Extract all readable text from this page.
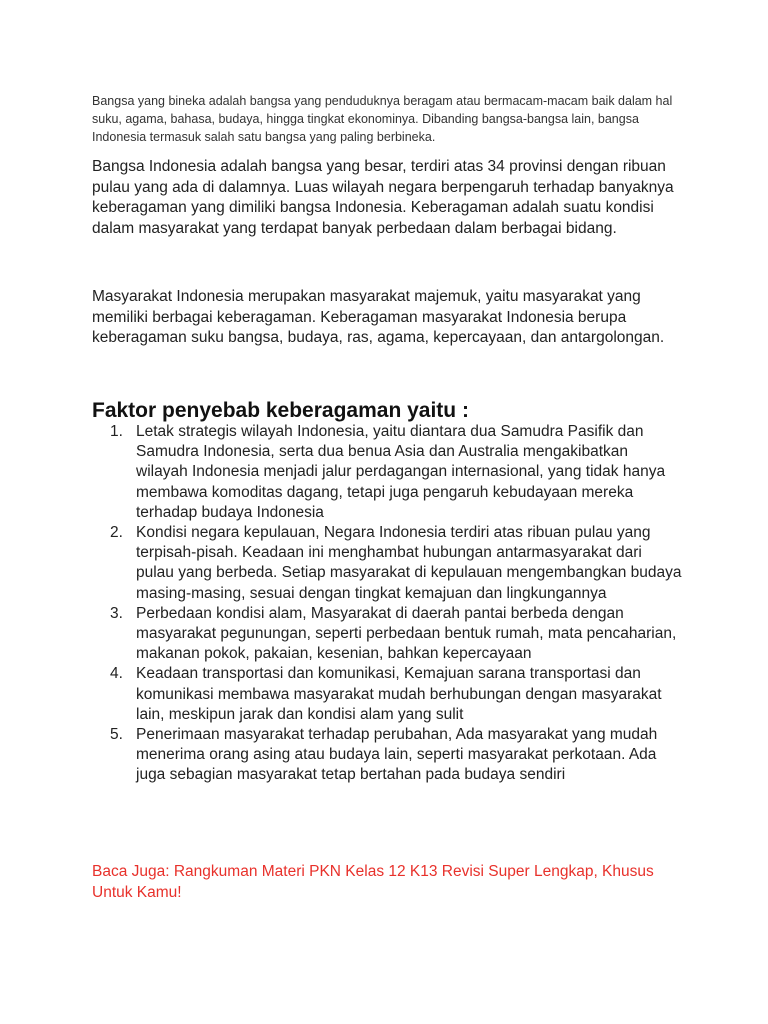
Bangsa yang bineka adalah bangsa yang penduduknya beragam atau bermacam-macam baik dalam hal suku, agama, bahasa, budaya, hingga tingkat ekonominya. Dibanding bangsa-bangsa lain, bangsa Indonesia termasuk salah satu bangsa yang paling berbineka.

Bangsa Indonesia adalah bangsa yang besar, terdiri atas 34 provinsi dengan ribuan pulau yang ada di dalamnya. Luas wilayah negara berpengaruh terhadap banyaknya keberagaman yang dimiliki bangsa Indonesia. Keberagaman adalah suatu kondisi dalam masyarakat yang terdapat banyak perbedaan dalam berbagai bidang.

Masyarakat Indonesia merupakan masyarakat majemuk, yaitu masyarakat yang memiliki berbagai keberagaman. Keberagaman masyarakat Indonesia berupa keberagaman suku bangsa, budaya, ras, agama, kepercayaan, dan antargolongan.

Faktor penyebab keberagaman yaitu :
1. Letak strategis wilayah Indonesia, yaitu diantara dua Samudra Pasifik dan Samudra Indonesia, serta dua benua Asia dan Australia mengakibatkan wilayah Indonesia menjadi jalur perdagangan internasional, yang tidak hanya membawa komoditas dagang, tetapi juga pengaruh kebudayaan mereka terhadap budaya Indonesia
2. Kondisi negara kepulauan, Negara Indonesia terdiri atas ribuan pulau yang terpisah-pisah. Keadaan ini menghambat hubungan antarmasyarakat dari pulau yang berbeda. Setiap masyarakat di kepulauan mengembangkan budaya masing-masing, sesuai dengan tingkat kemajuan dan lingkungannya
3. Perbedaan kondisi alam, Masyarakat di daerah pantai berbeda dengan masyarakat pegunungan, seperti perbedaan bentuk rumah, mata pencaharian, makanan pokok, pakaian, kesenian, bahkan kepercayaan
4. Keadaan transportasi dan komunikasi, Kemajuan sarana transportasi dan komunikasi membawa masyarakat mudah berhubungan dengan masyarakat lain, meskipun jarak dan kondisi alam yang sulit
5. Penerimaan masyarakat terhadap perubahan, Ada masyarakat yang mudah menerima orang asing atau budaya lain, seperti masyarakat perkotaan. Ada juga sebagian masyarakat tetap bertahan pada budaya sendiri
Baca Juga: Rangkuman Materi PKN Kelas 12 K13 Revisi Super Lengkap, Khusus Untuk Kamu!
